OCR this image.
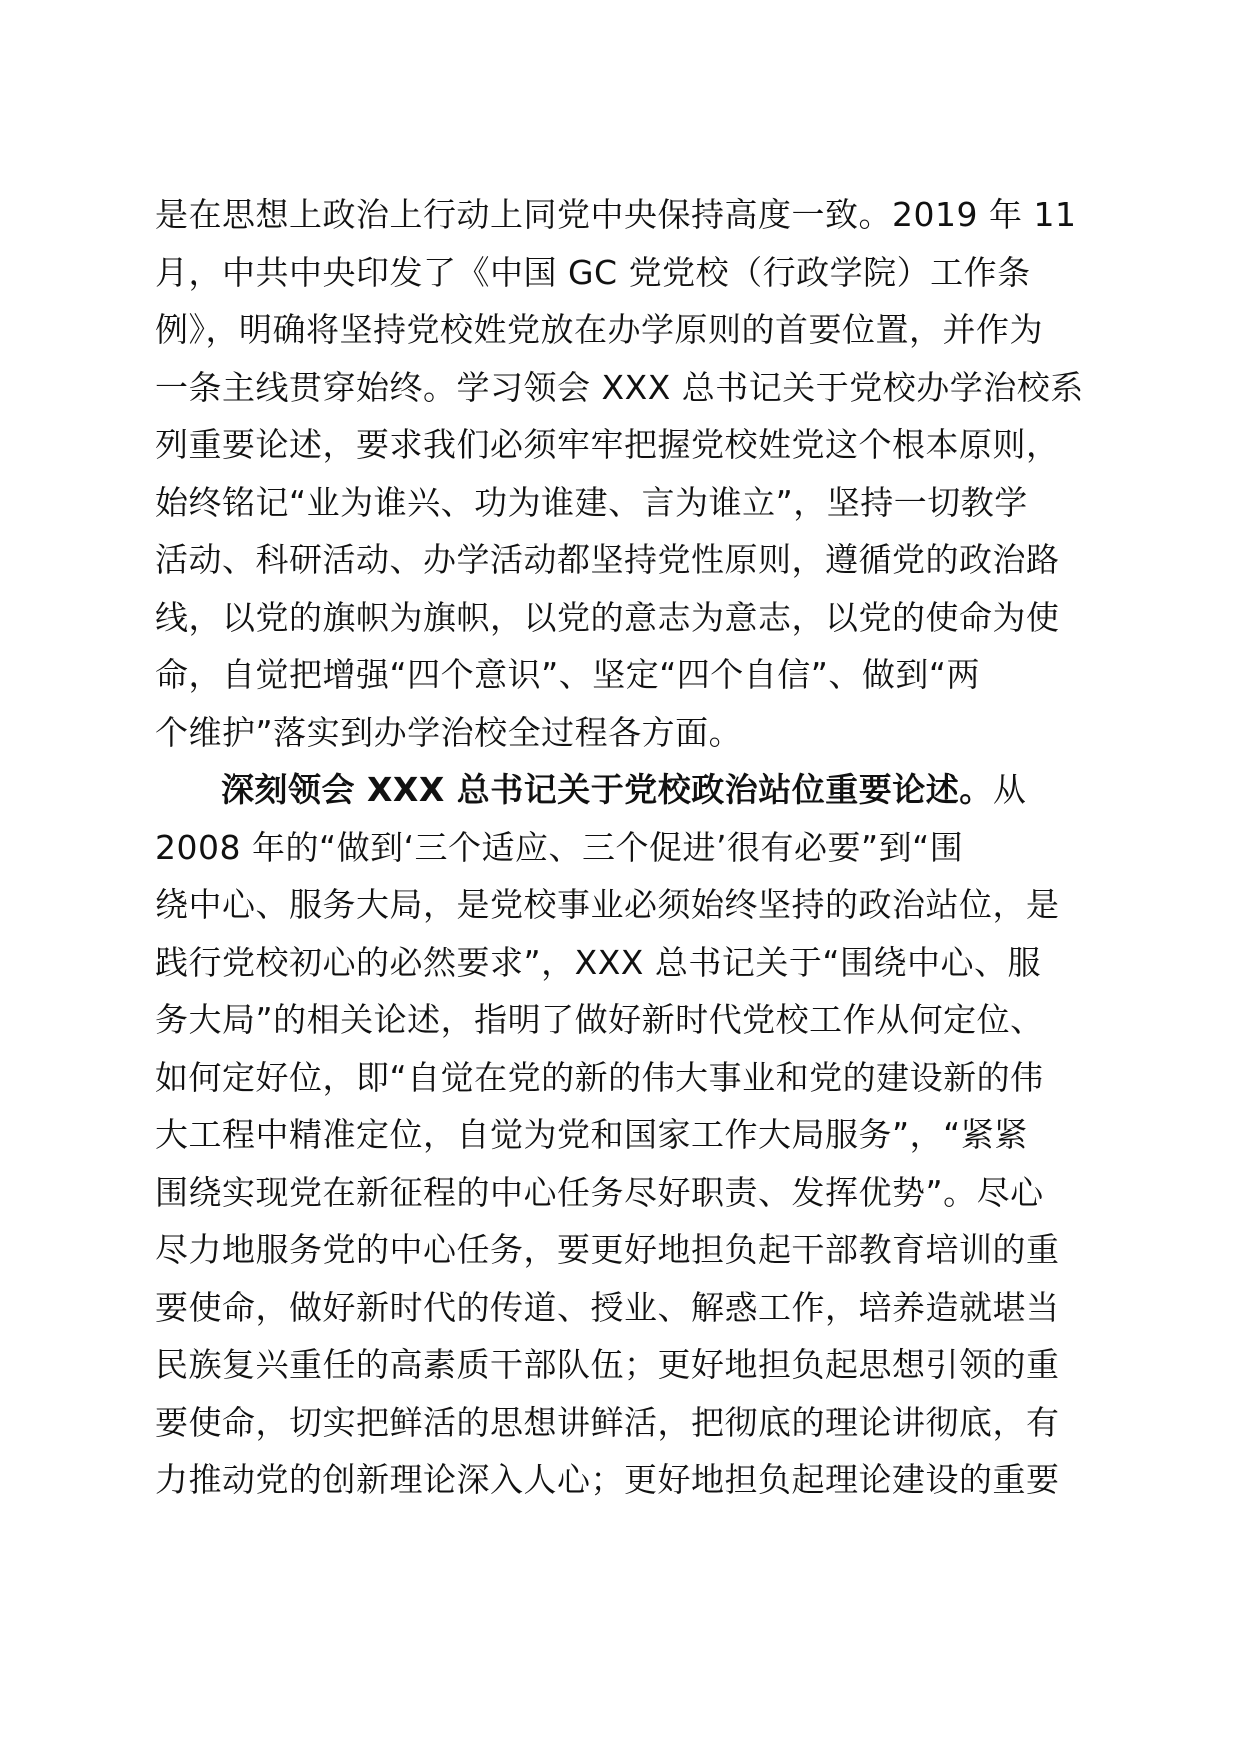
是在思想上政治上行动上同党中央保持高度一致。2019 年 11
月，中共中央印发了《中国 GC 党党校（行政学院）工作条
例》，明确将坚持党校姓党放在办学原则的首要位置，并作为
一条主线贯穿始终。学习领会 XXX 总书记关于党校办学治校系
列重要论述，要求我们必须牢牢把握党校姓党这个根本原则，
始终铭记“业为谁兴、功为谁建、言为谁立”，坚持一切教学
活动、科研活动、办学活动都坚持党性原则，遵循党的政治路
线，以党的旗帜为旗帜，以党的意志为意志，以党的使命为使
命，自觉把增强“四个意识”、坚定“四个自信”、做到“两
个维护”落实到办学治校全过程各方面。
深刻领会 XXX 总书记关于党校政治站位重要论述。从
2008 年的“做到‘三个适应、三个促进’很有必要”到“围
绕中心、服务大局，是党校事业必须始终坚持的政治站位，是
践行党校初心的必然要求”，XXX 总书记关于“围绕中心、服
务大局”的相关论述，指明了做好新时代党校工作从何定位、
如何定好位，即“自觉在党的新的伟大事业和党的建设新的伟
大工程中精准定位，自觉为党和国家工作大局服务”，“紧紧
围绕实现党在新征程的中心任务尽好职责、发挥优势”。尽心
尽力地服务党的中心任务，要更好地担负起干部教育培训的重
要使命，做好新时代的传道、授业、解惑工作，培养造就堪当
民族复兴重任的高素质干部队伍；更好地担负起思想引领的重
要使命，切实把鲜活的思想讲鲜活，把彻底的理论讲彻底，有
力推动党的创新理论深入人心；更好地担负起理论建设的重要
